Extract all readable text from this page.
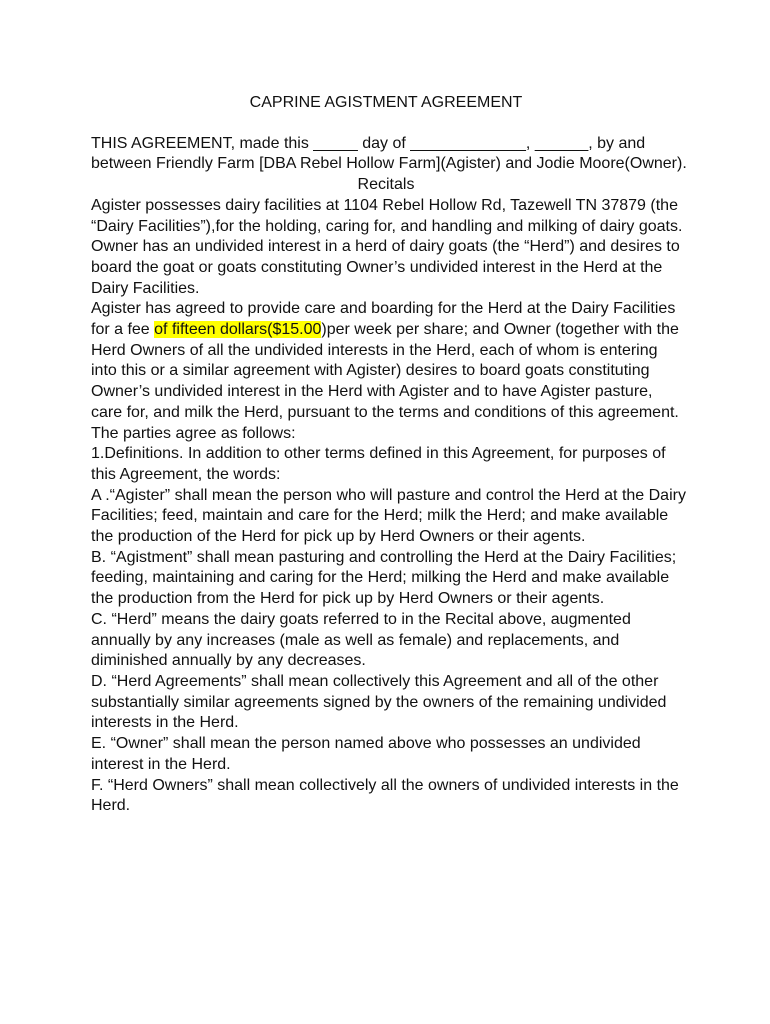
CAPRINE AGISTMENT AGREEMENT

THIS AGREEMENT, made this _____ day of _____________, ______, by and between Friendly Farm [DBA Rebel Hollow Farm](Agister) and Jodie Moore(Owner).

Recitals

Agister possesses dairy facilities at 1104 Rebel Hollow Rd, Tazewell TN 37879 (the “Dairy Facilities”),for the holding, caring for, and handling and milking of dairy goats.

Owner has an undivided interest in a herd of dairy goats (the “Herd”) and desires to board the goat or goats constituting Owner’s undivided interest in the Herd at the Dairy Facilities.

Agister has agreed to provide care and boarding for the Herd at the Dairy Facilities for a fee of fifteen dollars($15.00)per week per share; and Owner (together with the Herd Owners of all the undivided interests in the Herd, each of whom is entering into this or a similar agreement with Agister) desires to board goats constituting Owner’s undivided interest in the Herd with Agister and to have Agister pasture, care for, and milk the Herd, pursuant to the terms and conditions of this agreement.

The parties agree as follows:

1.Definitions. In addition to other terms defined in this Agreement, for purposes of this Agreement, the words:

A .“Agister” shall mean the person who will pasture and control the Herd at the Dairy Facilities; feed, maintain and care for the Herd; milk the Herd; and make available the production of the Herd for pick up by Herd Owners or their agents.

B. “Agistment” shall mean pasturing and controlling the Herd at the Dairy Facilities; feeding, maintaining and caring for the Herd; milking the Herd and make available the production from the Herd for pick up by Herd Owners or their agents.

C. “Herd” means the dairy goats referred to in the Recital above, augmented annually by any increases (male as well as female) and replacements, and diminished annually by any decreases.

D. “Herd Agreements” shall mean collectively this Agreement and all of the other substantially similar agreements signed by the owners of the remaining undivided interests in the Herd.

E. “Owner” shall mean the person named above who possesses an undivided interest in the Herd.

F. “Herd Owners” shall mean collectively all the owners of undivided interests in the Herd.
